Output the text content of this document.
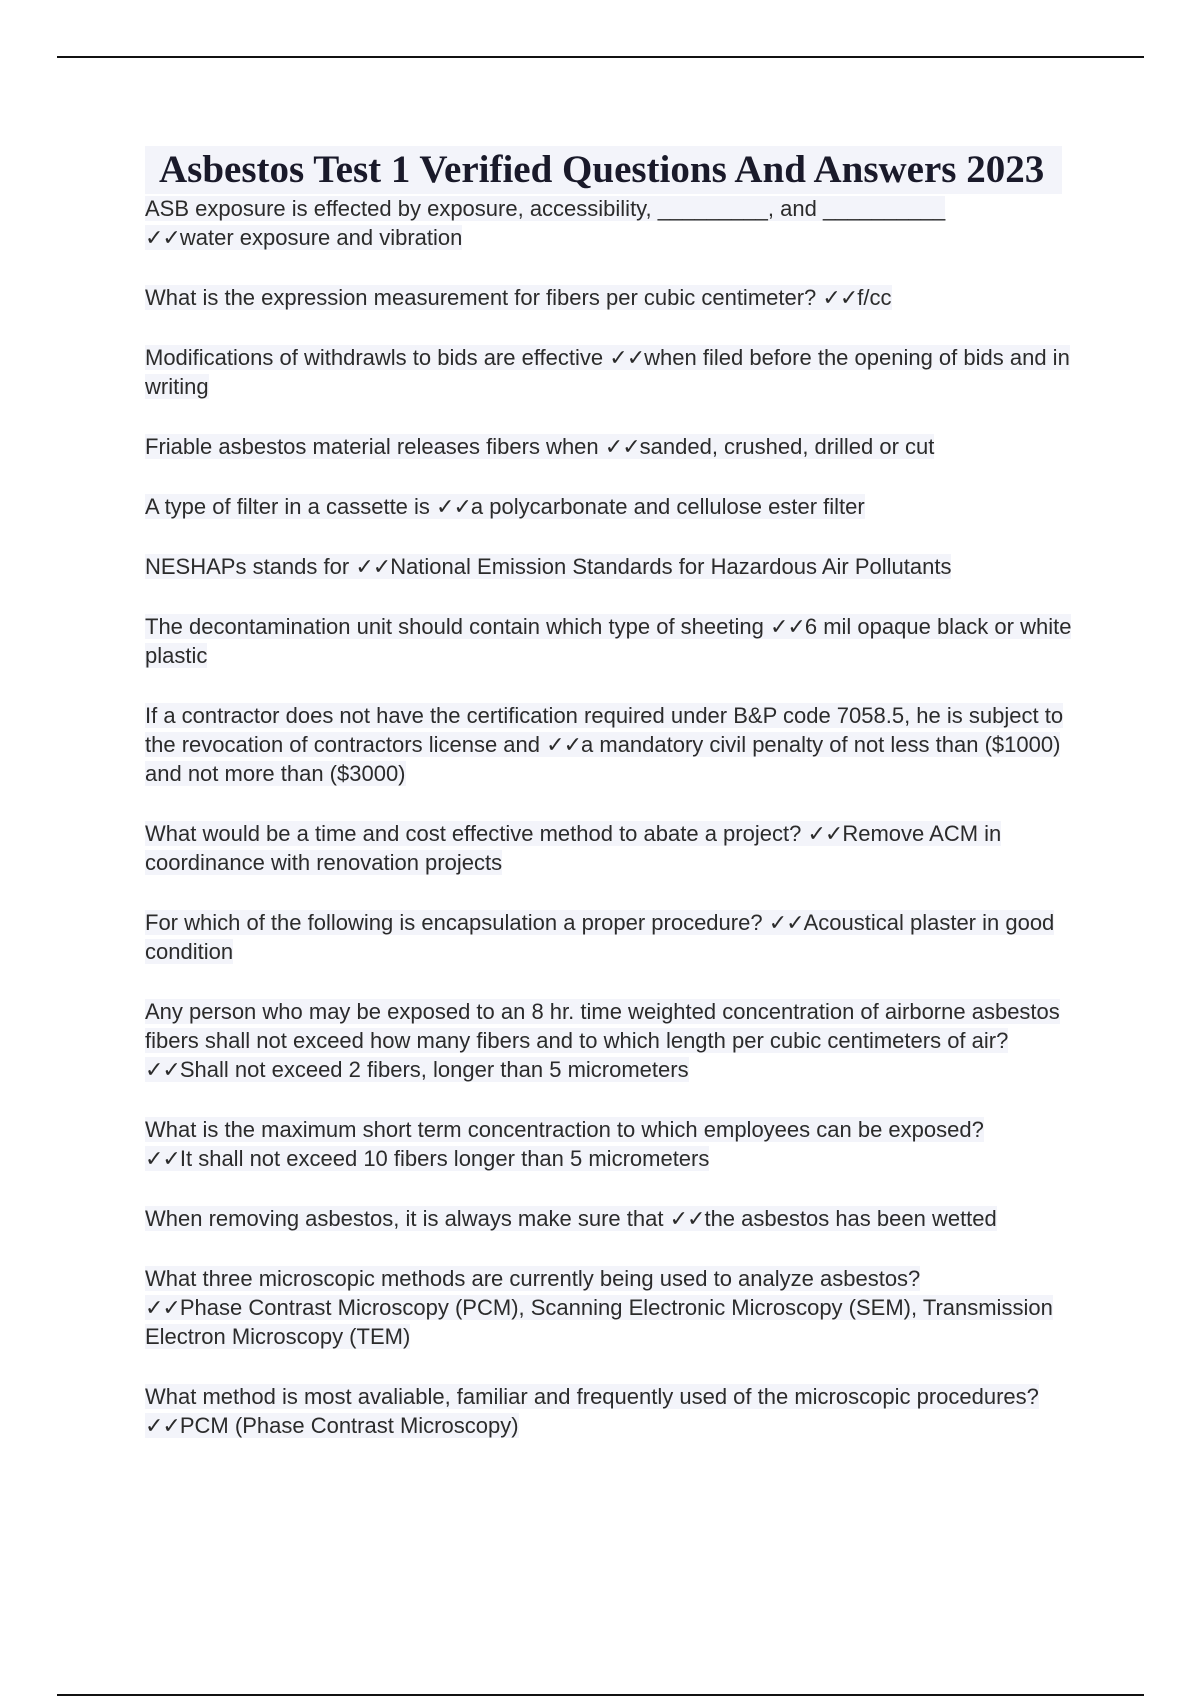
Asbestos Test 1 Verified Questions And Answers 2023

ASB exposure is effected by exposure, accessibility, _________, and __________
✓✓water exposure and vibration

What is the expression measurement for fibers per cubic centimeter? ✓✓f/cc

Modifications of withdrawls to bids are effective ✓✓when filed before the opening of bids and in writing

Friable asbestos material releases fibers when ✓✓sanded, crushed, drilled or cut

A type of filter in a cassette is ✓✓a polycarbonate and cellulose ester filter

NESHAPs stands for ✓✓National Emission Standards for Hazardous Air Pollutants

The decontamination unit should contain which type of sheeting ✓✓6 mil opaque black or white plastic

If a contractor does not have the certification required under B&P code 7058.5, he is subject to the revocation of contractors license and ✓✓a mandatory civil penalty of not less than ($1000) and not more than ($3000)

What would be a time and cost effective method to abate a project? ✓✓Remove ACM in coordinance with renovation projects

For which of the following is encapsulation a proper procedure? ✓✓Acoustical plaster in good condition

Any person who may be exposed to an 8 hr. time weighted concentration of airborne asbestos fibers shall not exceed how many fibers and to which length per cubic centimeters of air? ✓✓Shall not exceed 2 fibers, longer than 5 micrometers

What is the maximum short term concentraction to which employees can be exposed?
✓✓It shall not exceed 10 fibers longer than 5 micrometers

When removing asbestos, it is always make sure that ✓✓the asbestos has been wetted

What three microscopic methods are currently being used to analyze asbestos?
✓✓Phase Contrast Microscopy (PCM), Scanning Electronic Microscopy (SEM), Transmission Electron Microscopy (TEM)

What method is most avaliable, familiar and frequently used of the microscopic procedures? ✓✓PCM (Phase Contrast Microscopy)
